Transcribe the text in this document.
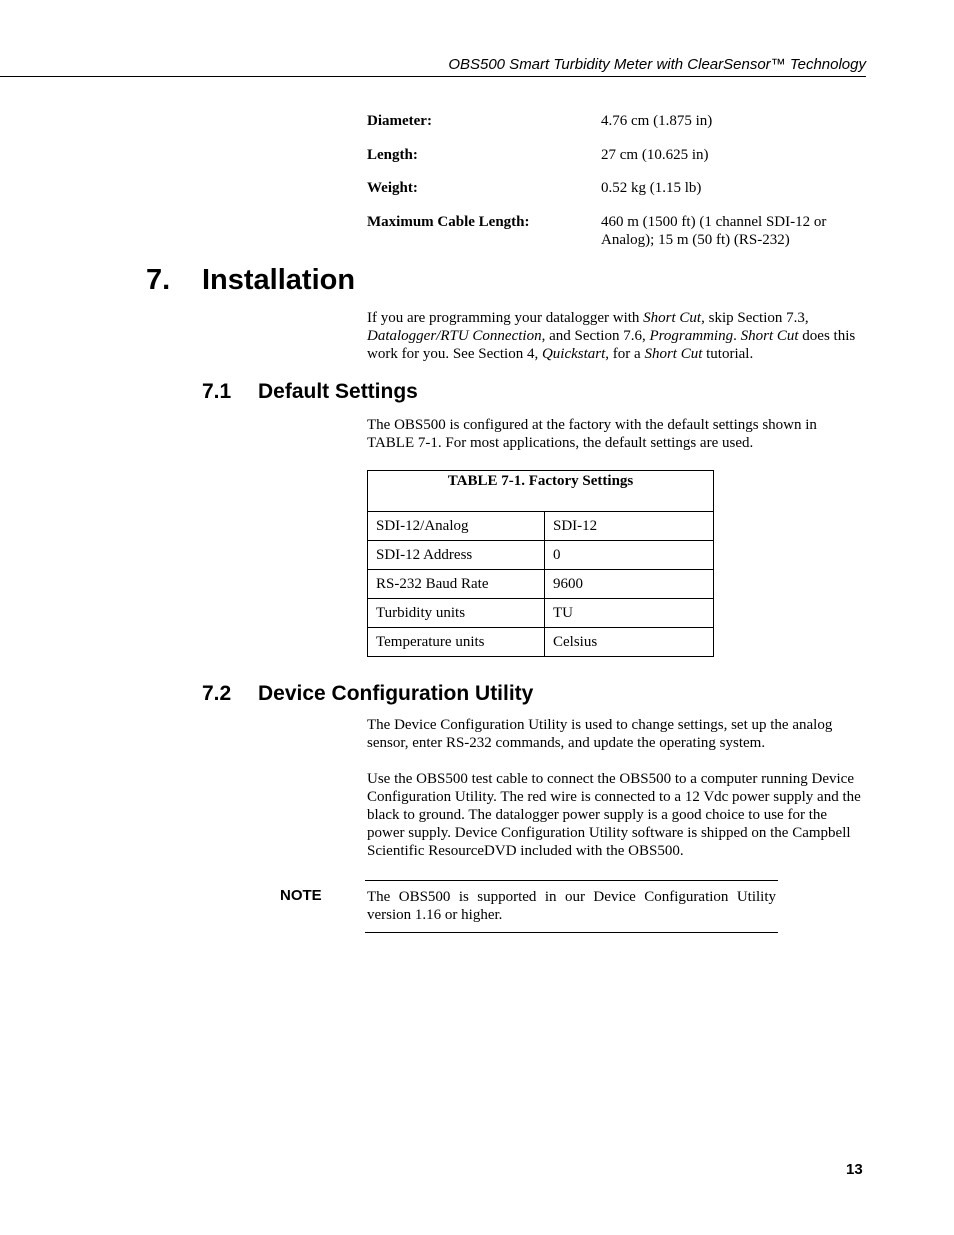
OBS500 Smart Turbidity Meter with ClearSensor™ Technology
Diameter:	4.76 cm (1.875 in)
Length:	27 cm (10.625 in)
Weight:	0.52 kg (1.15 lb)
Maximum Cable Length:	460 m (1500 ft) (1 channel SDI-12 or Analog); 15 m (50 ft) (RS-232)
7. Installation
If you are programming your datalogger with Short Cut, skip Section 7.3, Datalogger/RTU Connection, and Section 7.6, Programming. Short Cut does this work for you. See Section 4, Quickstart, for a Short Cut tutorial.
7.1 Default Settings
The OBS500 is configured at the factory with the default settings shown in TABLE 7-1. For most applications, the default settings are used.
TABLE 7-1. Factory Settings	
SDI-12/Analog	SDI-12
SDI-12 Address	0
RS-232 Baud Rate	9600
Turbidity units	TU
Temperature units	Celsius
7.2 Device Configuration Utility
The Device Configuration Utility is used to change settings, set up the analog sensor, enter RS-232 commands, and update the operating system.
Use the OBS500 test cable to connect the OBS500 to a computer running Device Configuration Utility. The red wire is connected to a 12 Vdc power supply and the black to ground. The datalogger power supply is a good choice to use for the power supply. Device Configuration Utility software is shipped on the Campbell Scientific ResourceDVD included with the OBS500.
NOTE	The OBS500 is supported in our Device Configuration Utility version 1.16 or higher.
13
